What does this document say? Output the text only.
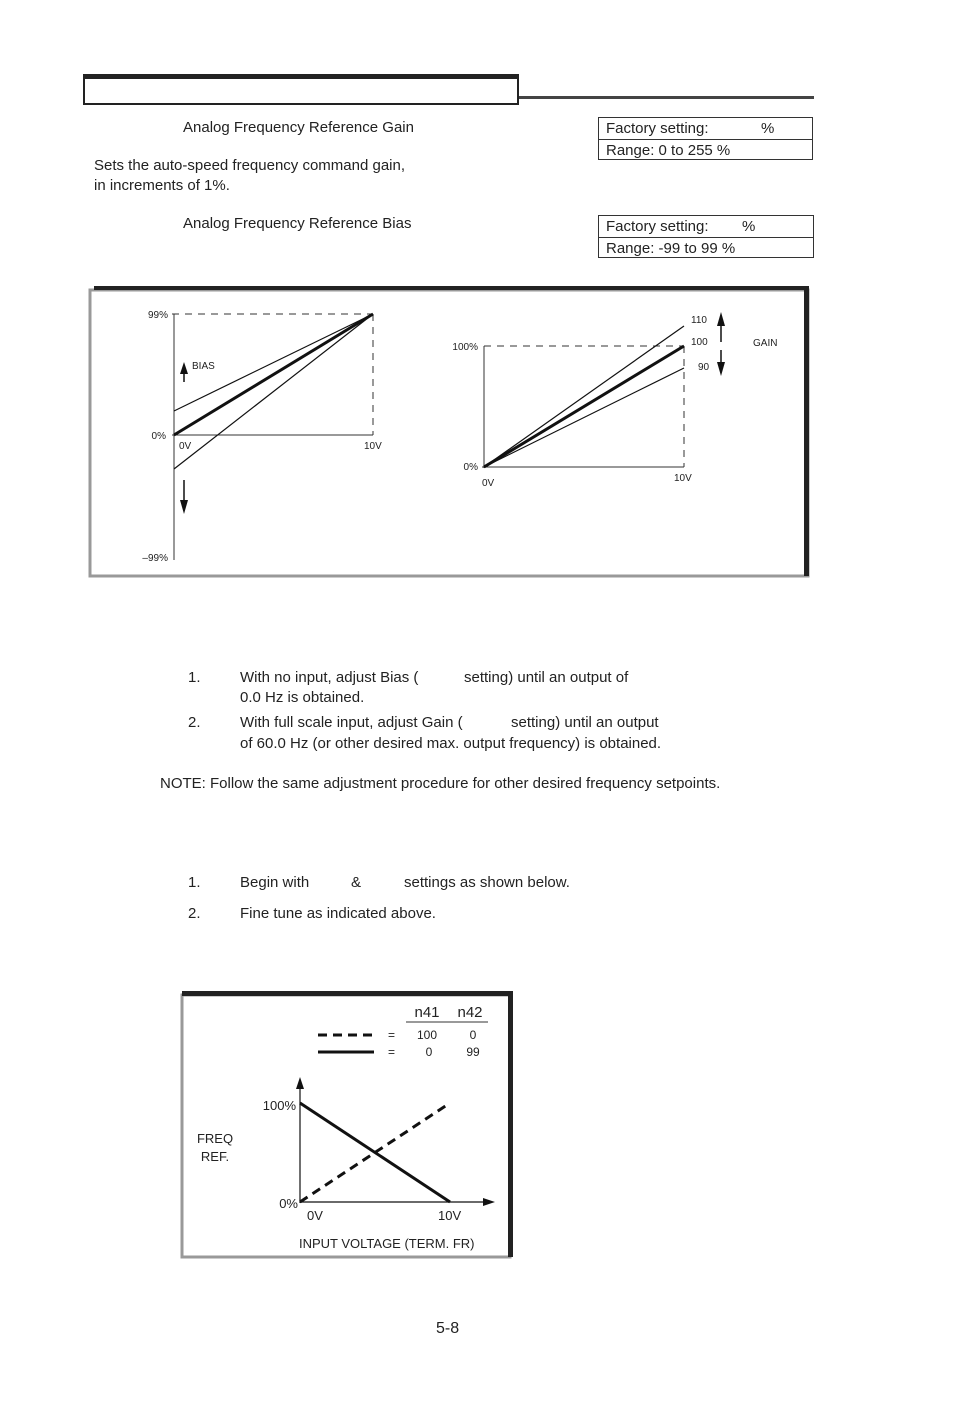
Analog Frequency Reference Gain	Factory setting:	%
Range: 0 to 255 %
Sets the auto-speed frequency command gain,
in increments of 1%.
Analog Frequency Reference Bias	Factory setting: %
Range: -99 to 99 %
99%
0%
–99%
0V	10V
BIAS
100%
0%
0V	10V
110
100
90
GAIN
1.	With no input, adjust Bias (	setting) until an output of
0.0 Hz is obtained.
2.	With full scale input, adjust Gain (	setting) until an output
of 60.0 Hz (or other desired max. output frequency) is obtained.
NOTE: Follow the same adjustment procedure for other desired frequency setpoints.
1.	Begin with	&	settings as shown below.
2.	Fine tune as indicated above.
n41 n42
= 100	0
=	0	99
100%
0%
0V	10V
FREQ
REF.
INPUT VOLTAGE (TERM. FR)
5-8
